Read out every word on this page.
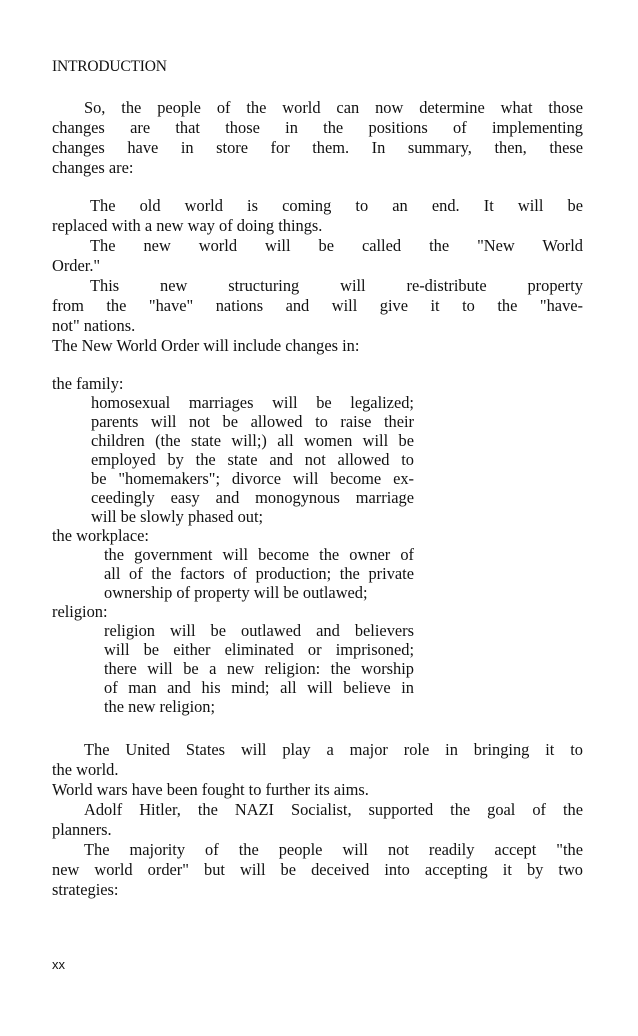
INTRODUCTION
So, the people of the world can now determine what those
changes are that those in the positions of implementing
changes have in store for them. In summary, then, these
changes are:
The old world is coming to an end. It will be
replaced with a new way of doing things.
The new world will be called the "New World
Order."
This new structuring will re-distribute property
from the "have" nations and will give it to the "have-
not" nations.
The New World Order will include changes in:
the family:
homosexual marriages will be legalized;
parents will not be allowed to raise their
children (the state will;) all women will be
employed by the state and not allowed to
be "homemakers"; divorce will become ex-
ceedingly easy and monogynous marriage
will be slowly phased out;
the workplace:
the government will become the owner of
all of the factors of production; the private
ownership of property will be outlawed;
religion:
religion will be outlawed and believers
will be either eliminated or imprisoned;
there will be a new religion: the worship
of man and his mind; all will believe in
the new religion;
The United States will play a major role in bringing it to
the world.
World wars have been fought to further its aims.
Adolf Hitler, the NAZI Socialist, supported the goal of the
planners.
The majority of the people will not readily accept "the
new world order" but will be deceived into accepting it by two
strategies:
xx
